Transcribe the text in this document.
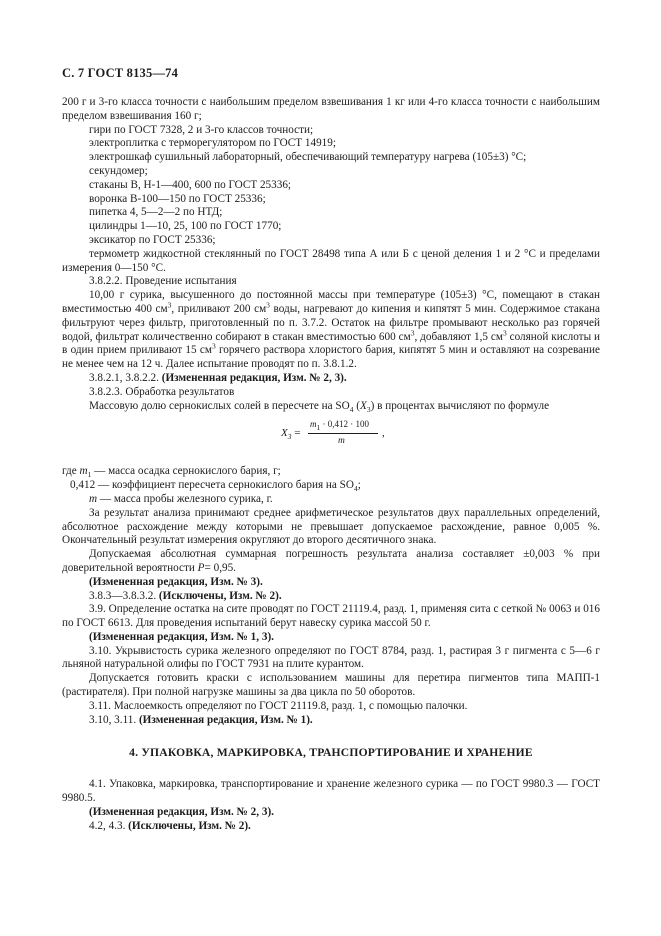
С. 7 ГОСТ 8135—74

200 г и 3-го класса точности с наибольшим пределом взвешивания 1 кг или 4-го класса точности с наибольшим пределом взвешивания 160 г;

гири по ГОСТ 7328, 2 и 3-го классов точности;

электроплитка с терморегулятором по ГОСТ 14919;

электрошкаф сушильный лабораторный, обеспечивающий температуру нагрева (105±3) °С;

секундомер;

стаканы В, Н-1—400, 600 по ГОСТ 25336;

воронка В-100—150 по ГОСТ 25336;

пипетка 4, 5—2—2 по НТД;

цилиндры 1—10, 25, 100 по ГОСТ 1770;

эксикатор по ГОСТ 25336;

термометр жидкостной стеклянный по ГОСТ 28498 типа А или Б с ценой деления 1 и 2 °С и пределами измерения 0—150 °С.

3.8.2.2. Проведение испытания

10,00 г сурика, высушенного до постоянной массы при температуре (105±3) °С, помещают в стакан вместимостью 400 $см^3$, приливают 200 $см^3$ воды, нагревают до кипения и кипятят 5 мин. Содержимое стакана фильтруют через фильтр, приготовленный по п. 3.7.2. Остаток на фильтре промывают несколько раз горячей водой, фильтрат количественно собирают в стакан вместимостью 600 $см^3$, добавляют 1,5 $см^3$ соляной кислоты и в один прием приливают 15 $см^3$ горячего раствора хлористого бария, кипятят 5 мин и оставляют на созревание не менее чем на 12 ч. Далее испытание проводят по п. 3.8.1.2.

3.8.2.1, 3.8.2.2. (Измененная редакция, Изм. № 2, 3).

3.8.2.3. Обработка результатов

Массовую долю сернокислых солей в пересчете на $SO_4$ $(X_3)$ в процентах вычисляют по формуле

$X_3$ =
$m_1 \cdot 0,412 \cdot 100$
m
,
где $m_1$ — масса осадка сернокислого бария, г;
0,412 — коэффициент пересчета сернокислого бария на $SO_4$;
m — масса пробы железного сурика, г.

За результат анализа принимают среднее арифметическое результатов двух параллельных определений, абсолютное расхождение между которыми не превышает допускаемое расхождение, равное 0,005 %. Окончательный результат измерения округляют до второго десятичного знака.

Допускаемая абсолютная суммарная погрешность результата анализа составляет ±0,003 % при доверительной вероятности P= 0,95.

(Измененная редакция, Изм. № 3).

3.8.3—3.8.3.2. (Исключены, Изм. № 2).

3.9. Определение остатка на сите проводят по ГОСТ 21119.4, разд. 1, применяя сита с сеткой № 0063 и 016 по ГОСТ 6613. Для проведения испытаний берут навеску сурика массой 50 г.

(Измененная редакция, Изм. № 1, 3).

3.10. Укрывистость сурика железного определяют по ГОСТ 8784, разд. 1, растирая 3 г пигмента с 5—6 г льняной натуральной олифы по ГОСТ 7931 на плите курантом.

Допускается готовить краски с использованием машины для перетира пигментов типа МАПП-1 (растирателя). При полной нагрузке машины за два цикла по 50 оборотов.

3.11. Маслоемкость определяют по ГОСТ 21119.8, разд. 1, с помощью палочки.

3.10, 3.11. (Измененная редакция, Изм. № 1).

4. УПАКОВКА, МАРКИРОВКА, ТРАНСПОРТИРОВАНИЕ И ХРАНЕНИЕ

4.1. Упаковка, маркировка, транспортирование и хранение железного сурика — по ГОСТ 9980.3 — ГОСТ 9980.5.

(Измененная редакция, Изм. № 2, 3).

4.2, 4.3. (Исключены, Изм. № 2).
